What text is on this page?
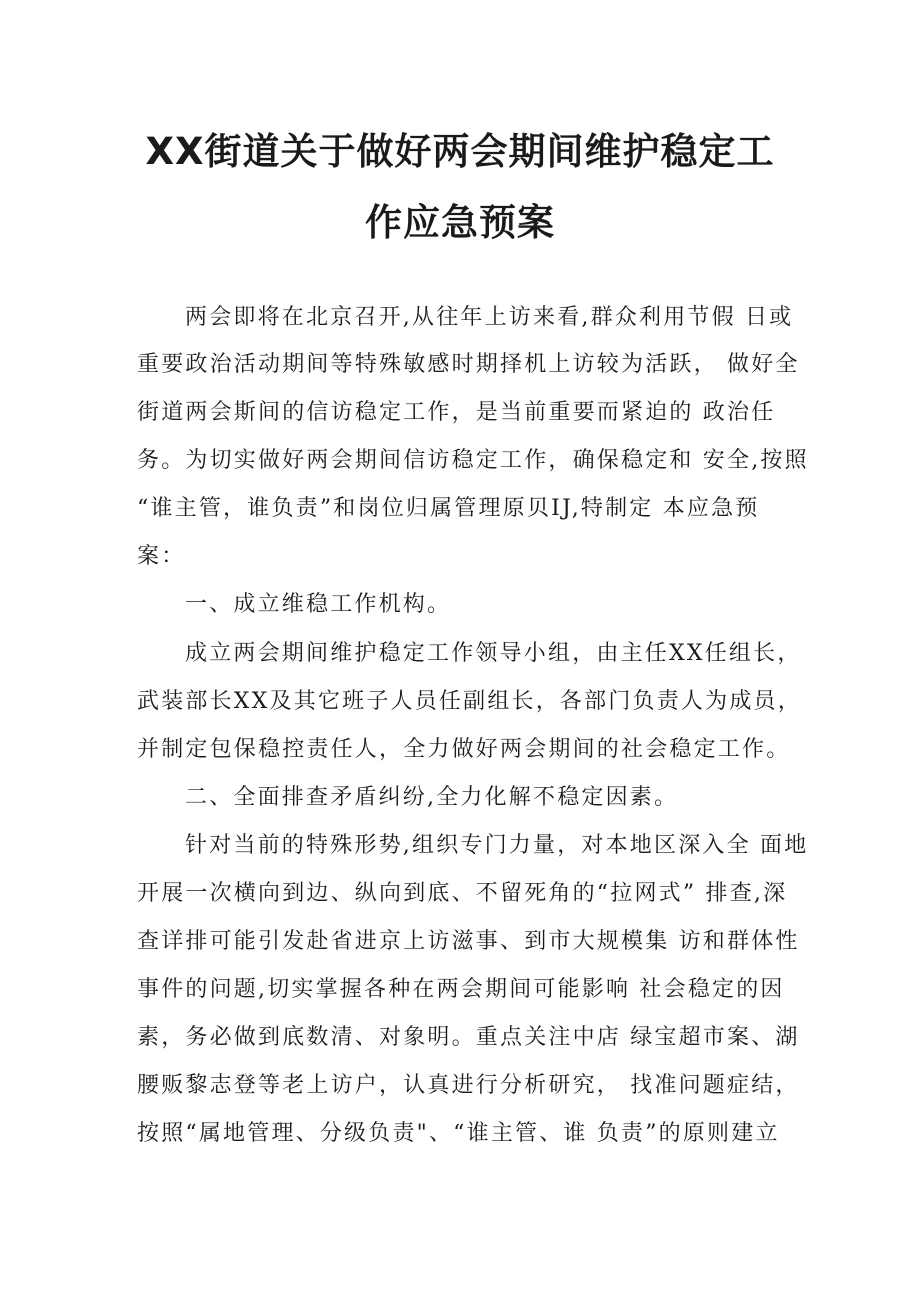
XX街道关于做好两会期间维护稳定工
作应急预案
两会即将在北京召开,从往年上访来看,群众利用节假 日或
重要政治活动期间等特殊敏感时期择机上访较为活跃， 做好全
街道两会斯间的信访稳定工作，是当前重要而紧迫的 政治任
务。为切实做好两会期间信访稳定工作，确保稳定和 安全,按照
“谁主管，谁负责”和岗位归属管理原贝IJ,特制定 本应急预
案：
一、成立维稳工作机构。
成立两会期间维护稳定工作领导小组，由主任XX任组长，
武装部长XX及其它班子人员任副组长，各部门负责人为成员，
并制定包保稳控责任人，全力做好两会期间的社会稳定工作。
二、全面排查矛盾纠纷,全力化解不稳定因素。
针对当前的特殊形势,组织专门力量，对本地区深入全 面地
开展一次横向到边、纵向到底、不留死角的“拉网式” 排查,深
查详排可能引发赴省进京上访滋事、到市大规模集 访和群体性
事件的问题,切实掌握各种在两会期间可能影响 社会稳定的因
素，务必做到底数清、对象明。重点关注中店 绿宝超市案、湖
腰贩黎志登等老上访户，认真进行分析研究， 找准问题症结，
按照“属地管理、分级负责"、“谁主管、谁 负责”的原则建立
